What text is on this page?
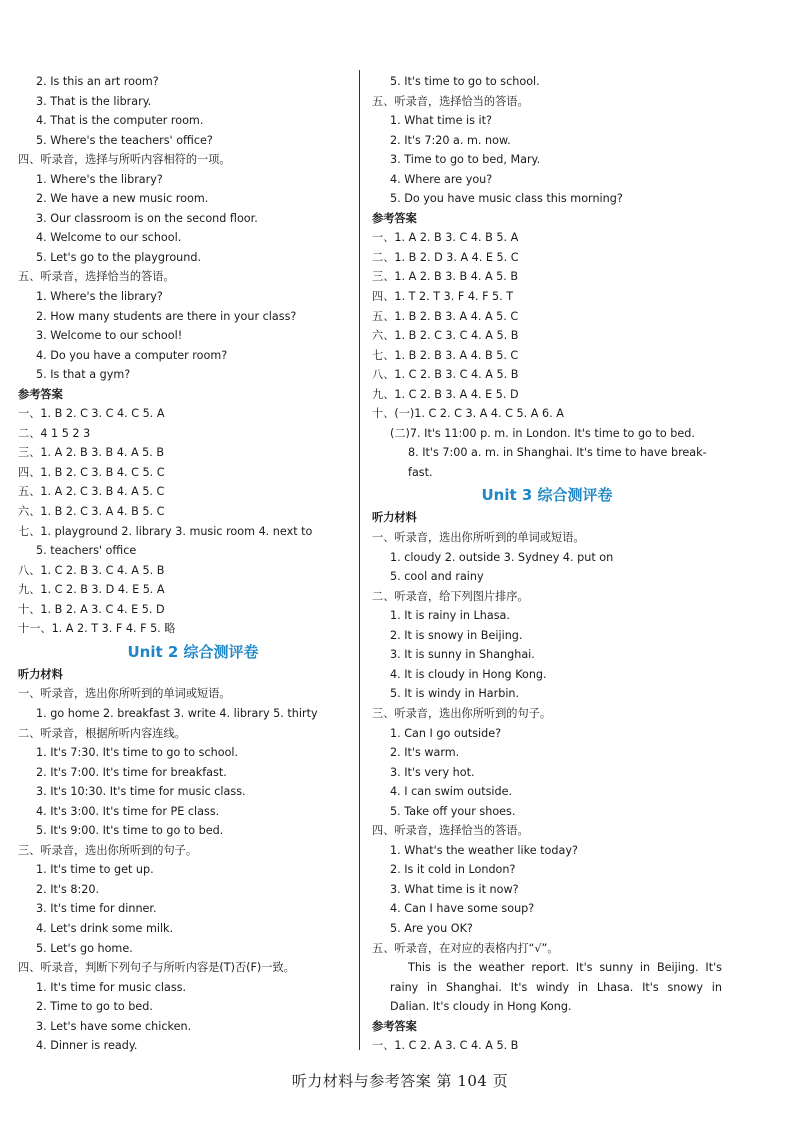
2. Is this an art room?
3. That is the library.
4. That is the computer room.
5. Where's the teachers' office?
四、听录音，选择与所听内容相符的一项。
1. Where's the library?
2. We have a new music room.
3. Our classroom is on the second floor.
4. Welcome to our school.
5. Let's go to the playground.
五、听录音，选择恰当的答语。
1. Where's the library?
2. How many students are there in your class?
3. Welcome to our school!
4. Do you have a computer room?
5. Is that a gym?
参考答案
一、1. B 2. C 3. C 4. C 5. A
二、4 1 5 2 3
三、1. A 2. B 3. B 4. A 5. B
四、1. B 2. C 3. B 4. C 5. C
五、1. A 2. C 3. B 4. A 5. C
六、1. B 2. C 3. A 4. B 5. C
七、1. playground 2. library 3. music room 4. next to
5. teachers' office
八、1. C 2. B 3. C 4. A 5. B
九、1. C 2. B 3. D 4. E 5. A
十、1. B 2. A 3. C 4. E 5. D
十一、1. A 2. T 3. F 4. F 5. 略
Unit 2 综合测评卷
听力材料
一、听录音，选出你所听到的单词或短语。
1. go home 2. breakfast 3. write 4. library 5. thirty
二、听录音，根据所听内容连线。
1. It's 7:30. It's time to go to school.
2. It's 7:00. It's time for breakfast.
3. It's 10:30. It's time for music class.
4. It's 3:00. It's time for PE class.
5. It's 9:00. It's time to go to bed.
三、听录音，选出你所听到的句子。
1. It's time to get up.
2. It's 8:20.
3. It's time for dinner.
4. Let's drink some milk.
5. Let's go home.
四、听录音，判断下列句子与所听内容是(T)否(F)一致。
1. It's time for music class.
2. Time to go to bed.
3. Let's have some chicken.
4. Dinner is ready.
5. It's time to go to school.
五、听录音，选择恰当的答语。
1. What time is it?
2. It's 7:20 a. m. now.
3. Time to go to bed, Mary.
4. Where are you?
5. Do you have music class this morning?
参考答案
一、1. A 2. B 3. C 4. B 5. A
二、1. B 2. D 3. A 4. E 5. C
三、1. A 2. B 3. B 4. A 5. B
四、1. T 2. T 3. F 4. F 5. T
五、1. B 2. B 3. A 4. A 5. C
六、1. B 2. C 3. C 4. A 5. B
七、1. B 2. B 3. A 4. B 5. C
八、1. C 2. B 3. C 4. A 5. B
九、1. C 2. B 3. A 4. E 5. D
十、(一)1. C 2. C 3. A 4. C 5. A 6. A
(二)7. It's 11:00 p. m. in London. It's time to go to bed.
8. It's 7:00 a. m. in Shanghai. It's time to have break-
fast.
Unit 3 综合测评卷
听力材料
一、听录音，选出你所听到的单词或短语。
1. cloudy 2. outside 3. Sydney 4. put on
5. cool and rainy
二、听录音，给下列图片排序。
1. It is rainy in Lhasa.
2. It is snowy in Beijing.
3. It is sunny in Shanghai.
4. It is cloudy in Hong Kong.
5. It is windy in Harbin.
三、听录音，选出你所听到的句子。
1. Can I go outside?
2. It's warm.
3. It's very hot.
4. I can swim outside.
5. Take off your shoes.
四、听录音，选择恰当的答语。
1. What's the weather like today?
2. Is it cold in London?
3. What time is it now?
4. Can I have some soup?
5. Are you OK?
五、听录音，在对应的表格内打“√”。
This is the weather report. It's sunny in Beijing. It's
rainy in Shanghai. It's windy in Lhasa. It's snowy in
Dalian. It's cloudy in Hong Kong.
参考答案
一、1. C 2. A 3. C 4. A 5. B
听力材料与参考答案 第 104 页
